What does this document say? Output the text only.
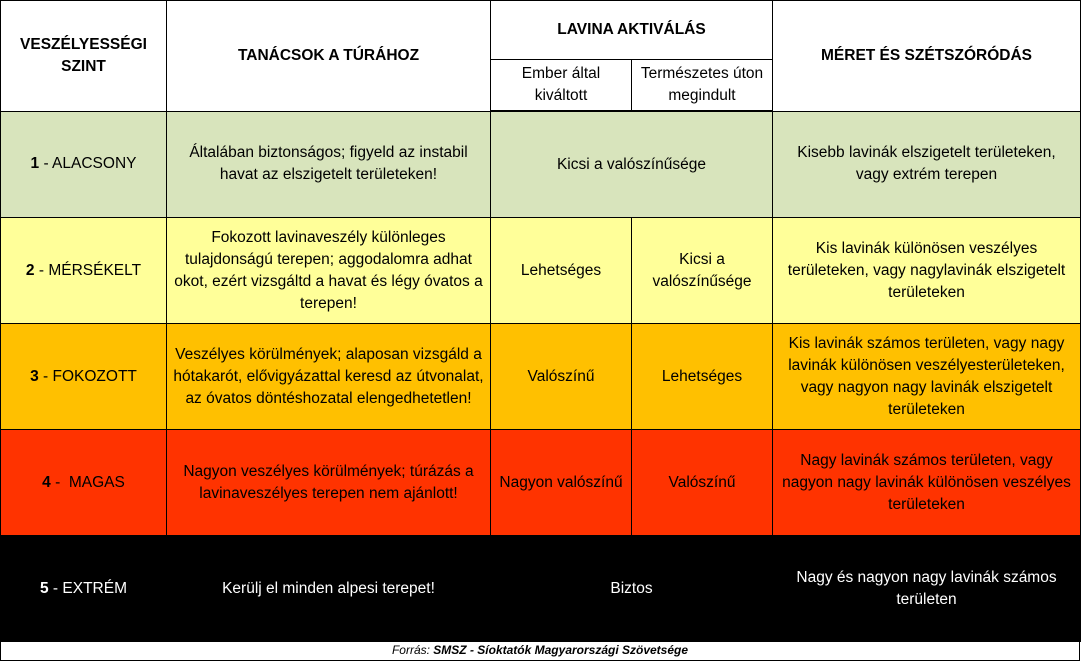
VESZÉLYESSÉGI SZINT	TANÁCSOK A TÚRÁHOZ	LAVINA AKTIVÁLÁS		MÉRET ÉS SZÉTSZÓRÓDÁS
		Ember által kiváltott	Természetes úton megindult	
1 - ALACSONY	Általában biztonságos; figyeld az instabil havat az elszigetelt területeken!	Kicsi a valószínűsége		Kisebb lavinák elszigetelt területeken, vagy extrém terepen
2 - MÉRSÉKELT	Fokozott lavinaveszély különleges tulajdonságú terepen; aggodalomra adhat okot, ezért vizsgáltd a havat és légy óvatos a terepen!	Lehetséges	Kicsi a valószínűsége	Kis lavinák különösen veszélyes területeken, vagy nagylavinák elszigetelt területeken
3 - FOKOZOTT	Veszélyes körülmények; alaposan vizsgáld a hótakarót, elővigyázattal keresd az útvonalat, az óvatos döntéshozatal elengedhetetlen!	Valószínű	Lehetséges	Kis lavinák számos területen, vagy nagy lavinák különösen veszélyesterületeken, vagy nagyon nagy lavinák elszigetelt területeken
4 -  MAGAS	Nagyon veszélyes körülmények; túrázás a lavinaveszélyes terepen nem ajánlott!	Nagyon valószínű	Valószínű	Nagy lavinák számos területen, vagy nagyon nagy lavinák különösen veszélyes területeken
5 - EXTRÉM	Kerülj el minden alpesi terepet!	Biztos		Nagy és nagyon nagy lavinák számos területen
Forrás: SMSZ - Síoktatók Magyarországi Szövetsége
